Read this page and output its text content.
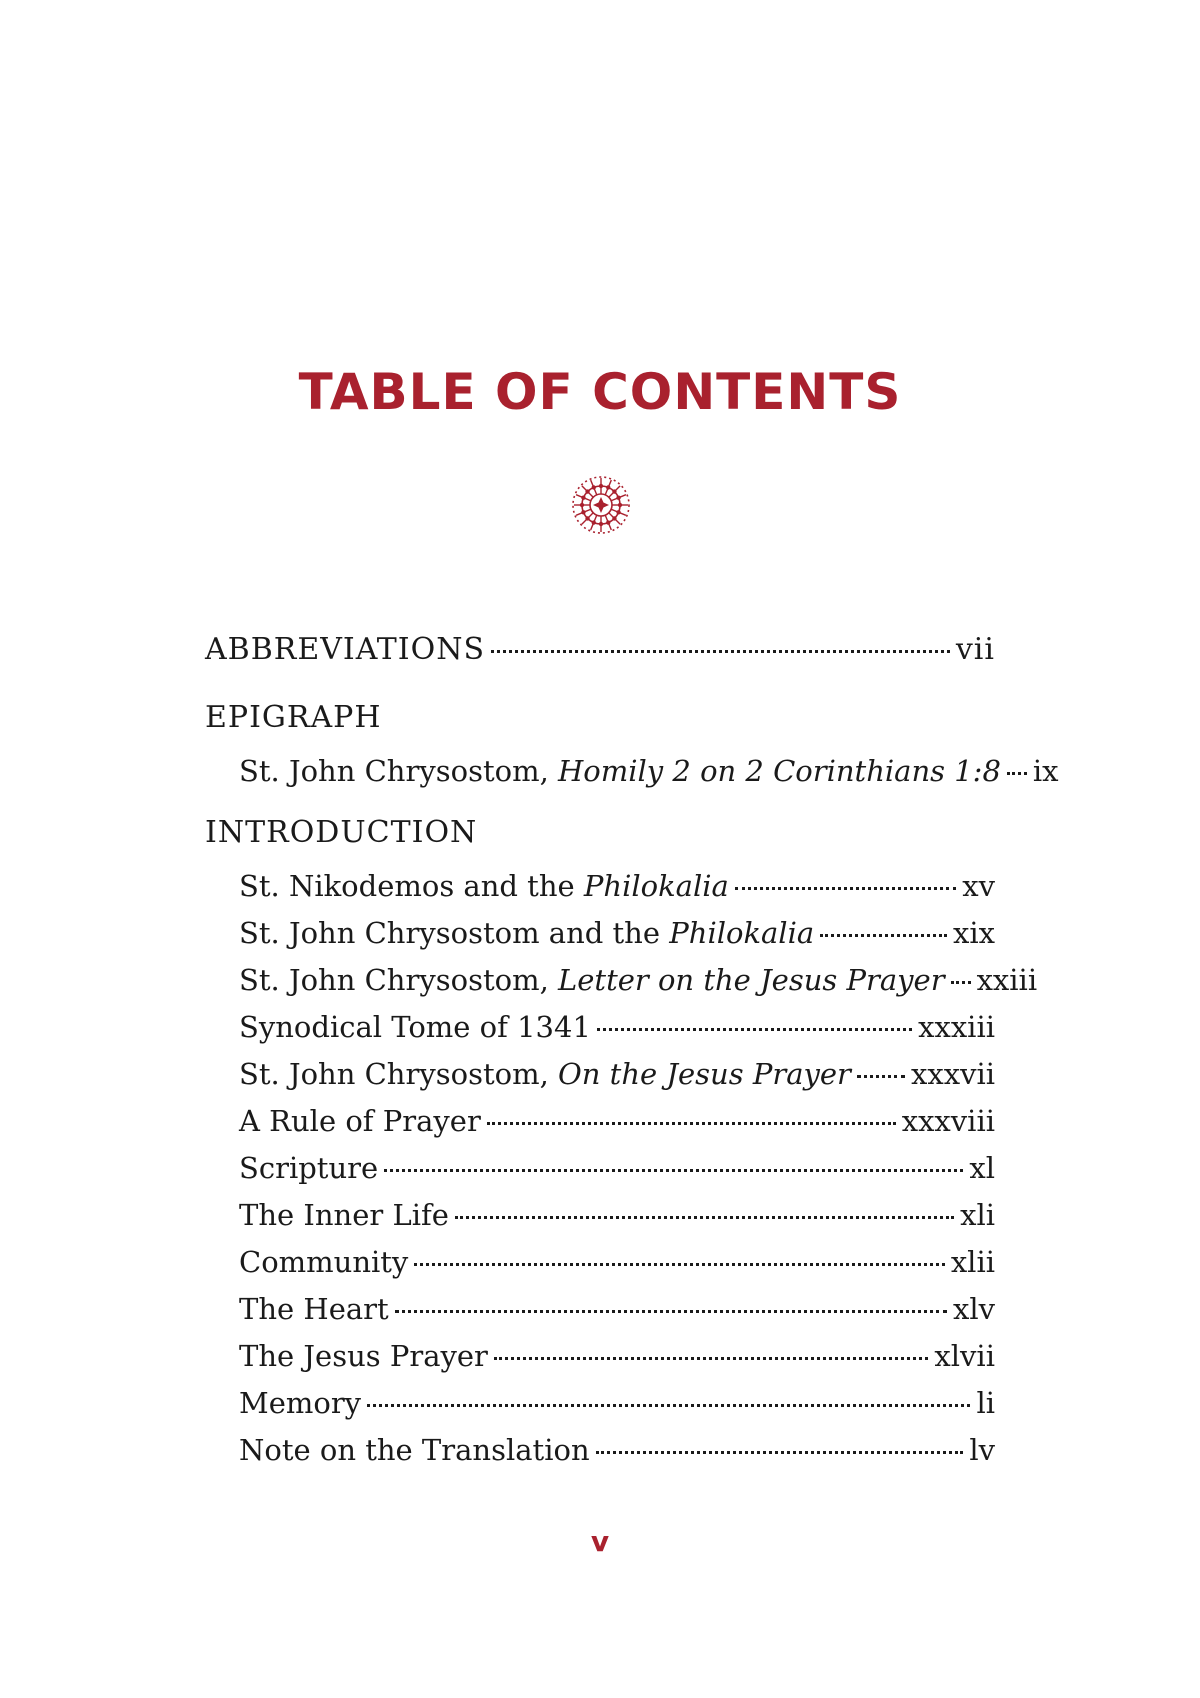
TABLE OF CONTENTS
ABBREVIATIONS	vii
EPIGRAPH
St. John Chrysostom, Homily 2 on 2 Corinthians 1:8 ix
INTRODUCTION
St. Nikodemos and the Philokalia	xv
St. John Chrysostom and the Philokalia	xix
St. John Chrysostom, Letter on the Jesus Prayer xxiii
Synodical Tome of 1341	xxxiii
St. John Chrysostom, On the Jesus Prayer xxxvii
A Rule of Prayer	xxxviii
Scripture	xl
The Inner Life	xli
Community	xlii
The Heart	xlv
The Jesus Prayer	xlvii
Memory	li
Note on the Translation	lv
v
